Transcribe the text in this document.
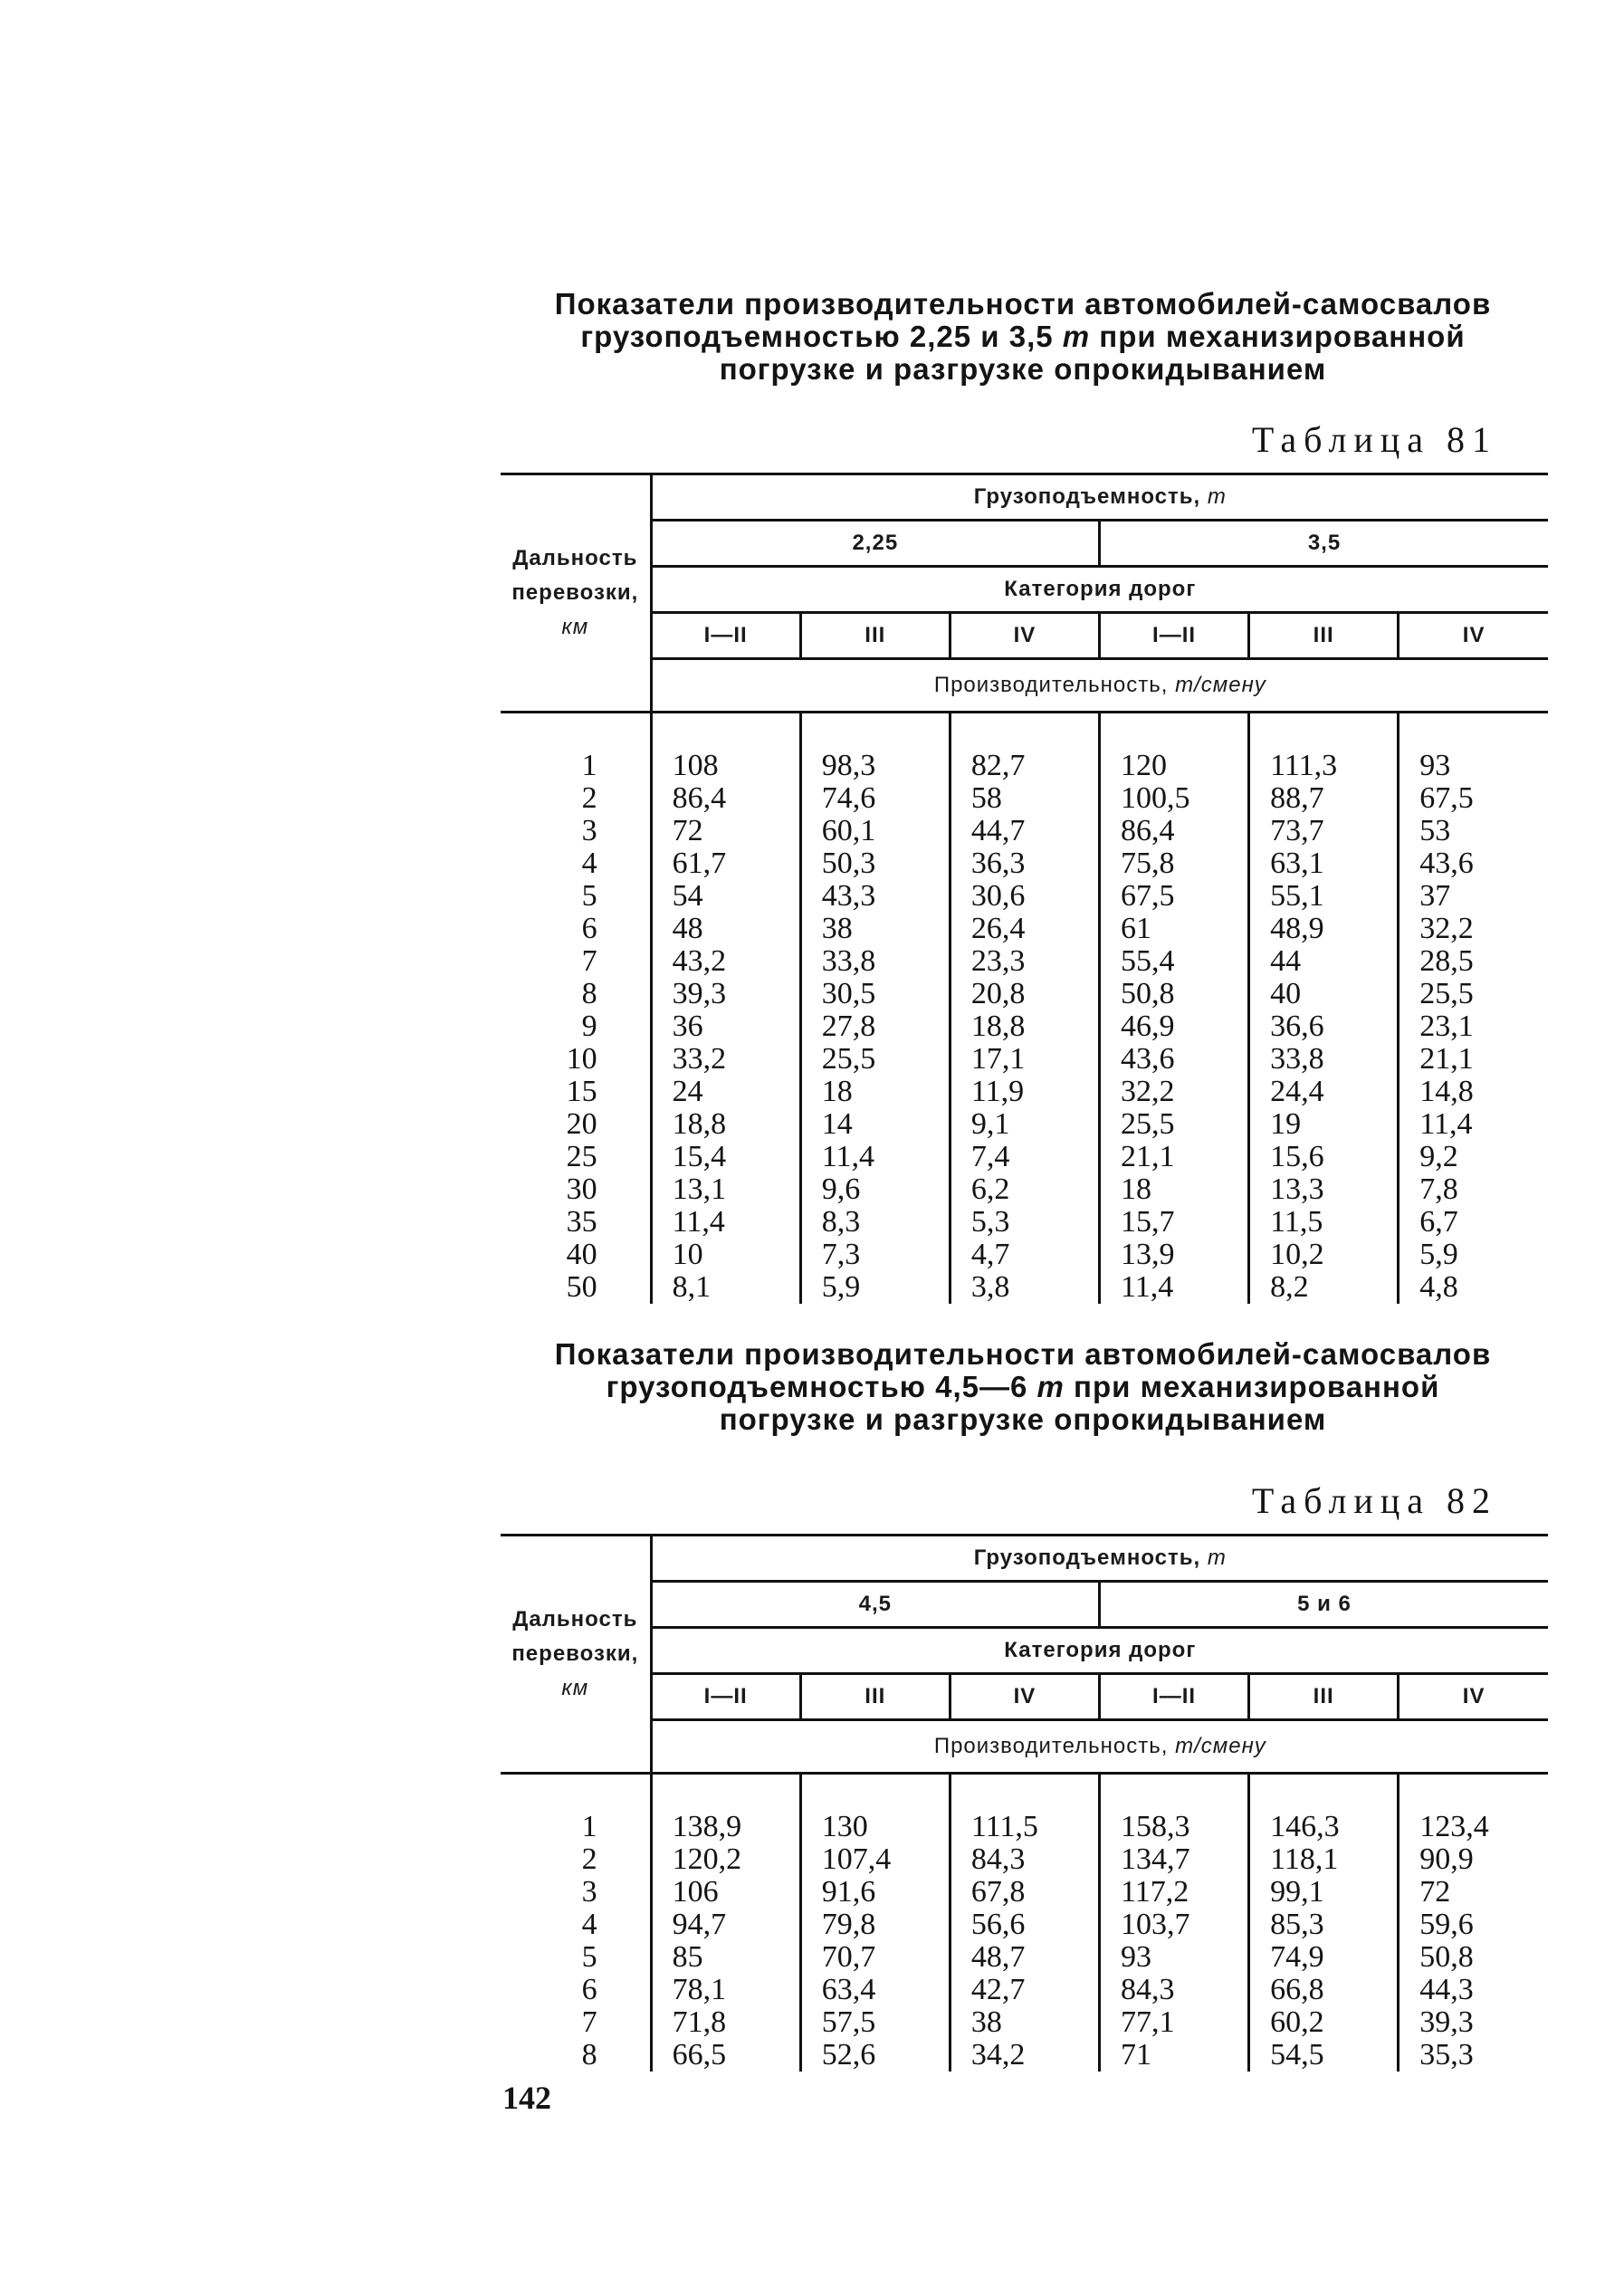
Показатели производительности автомобилей-самосвалов
грузоподъемностью 2,25 и 3,5 т при механизированной
погрузке и разгрузке опрокидыванием
Таблица 81
Дальность
перевозки,
км	Грузоподъемность, т					
	2,25			3,5		
	Категория дорог					
	I—II	III	IV	I—II	III	IV
	Производительность, т/смену					
1	108	98,3	82,7	120	111,3	93
2	86,4	74,6	58	100,5	88,7	67,5
3	72	60,1	44,7	86,4	73,7	53
4	61,7	50,3	36,3	75,8	63,1	43,6
5	54	43,3	30,6	67,5	55,1	37
6	48	38	26,4	61	48,9	32,2
7	43,2	33,8	23,3	55,4	44	28,5
8	39,3	30,5	20,8	50,8	40	25,5
9	36	27,8	18,8	46,9	36,6	23,1
10	33,2	25,5	17,1	43,6	33,8	21,1
15	24	18	11,9	32,2	24,4	14,8
20	18,8	14	9,1	25,5	19	11,4
25	15,4	11,4	7,4	21,1	15,6	9,2
30	13,1	9,6	6,2	18	13,3	7,8
35	11,4	8,3	5,3	15,7	11,5	6,7
40	10	7,3	4,7	13,9	10,2	5,9
50	8,1	5,9	3,8	11,4	8,2	4,8
Показатели производительности автомобилей-самосвалов
грузоподъемностью 4,5—6 т при механизированной
погрузке и разгрузке опрокидыванием
Таблица 82
Дальность
перевозки,
км	Грузоподъемность, т					
	4,5			5 и 6		
	Категория дорог					
	I—II	III	IV	I—II	III	IV
	Производительность, т/смену					
1	138,9	130	111,5	158,3	146,3	123,4
2	120,2	107,4	84,3	134,7	118,1	90,9
3	106	91,6	67,8	117,2	99,1	72
4	94,7	79,8	56,6	103,7	85,3	59,6
5	85	70,7	48,7	93	74,9	50,8
6	78,1	63,4	42,7	84,3	66,8	44,3
7	71,8	57,5	38	77,1	60,2	39,3
8	66,5	52,6	34,2	71	54,5	35,3
142
